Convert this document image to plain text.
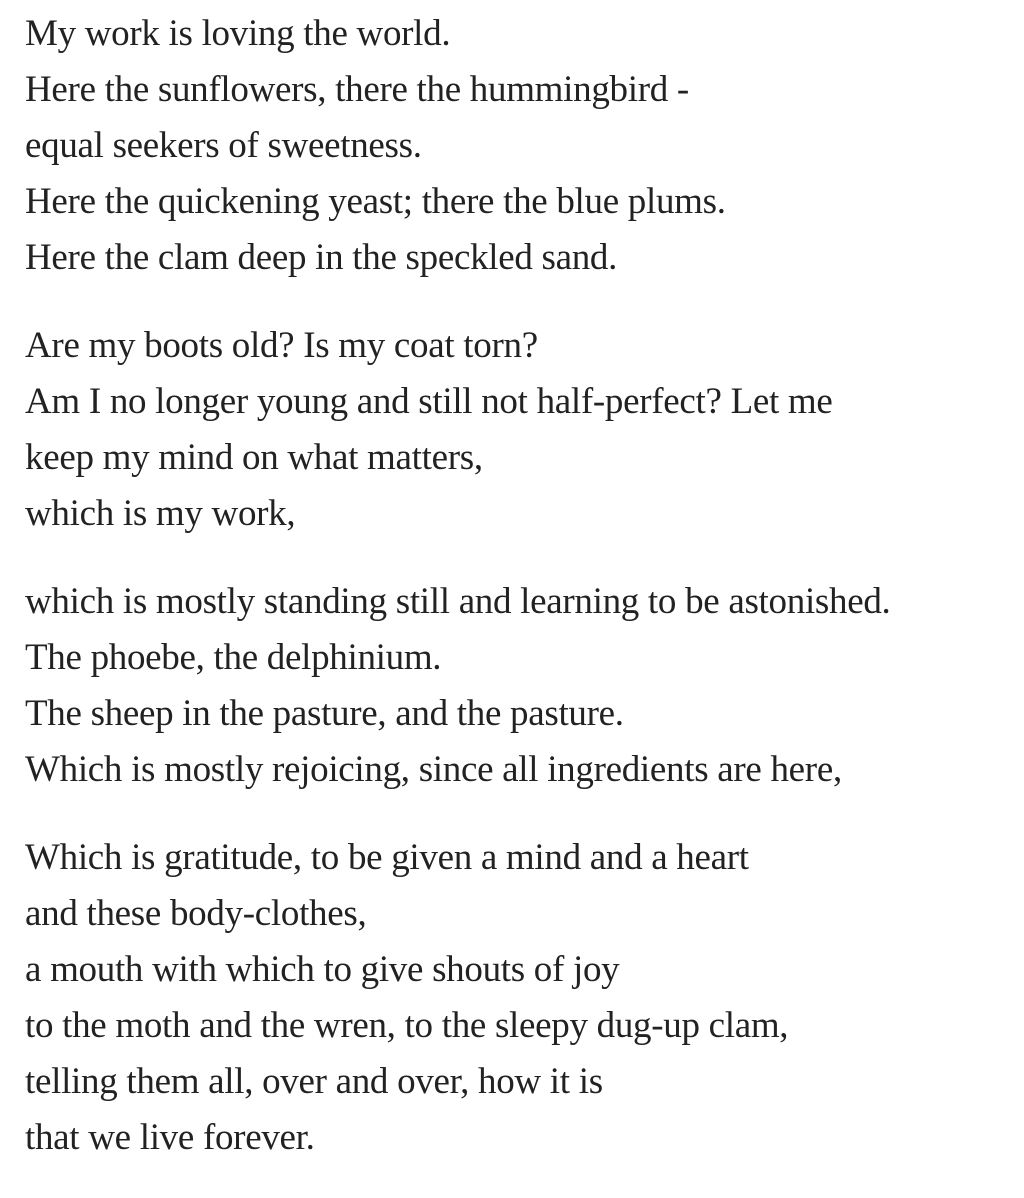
My work is loving the world.
Here the sunflowers, there the hummingbird -
equal seekers of sweetness.
Here the quickening yeast; there the blue plums.
Here the clam deep in the speckled sand.
Are my boots old? Is my coat torn?
Am I no longer young and still not half-perfect? Let me
keep my mind on what matters,
which is my work,
which is mostly standing still and learning to be astonished.
The phoebe, the delphinium.
The sheep in the pasture, and the pasture.
Which is mostly rejoicing, since all ingredients are here,
Which is gratitude, to be given a mind and a heart
and these body-clothes,
a mouth with which to give shouts of joy
to the moth and the wren, to the sleepy dug-up clam,
telling them all, over and over, how it is
that we live forever.
